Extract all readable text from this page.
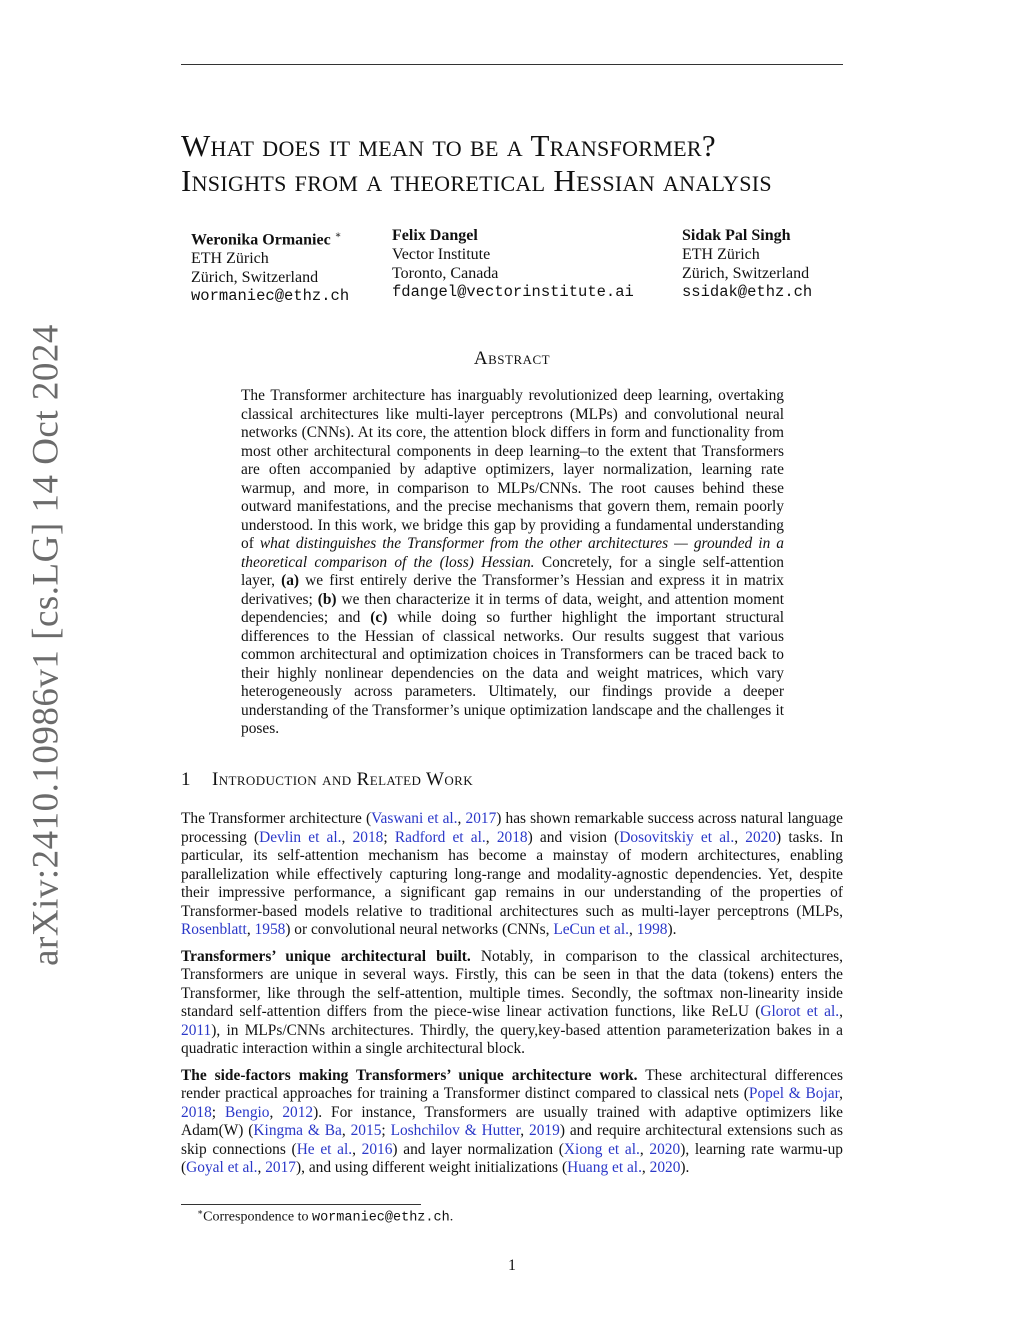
arXiv:2410.10986v1 [cs.LG] 14 Oct 2024
What does it mean to be a Transformer?
Insights from a theoretical Hessian analysis
Weronika Ormaniec ∗
ETH Zürich
Zürich, Switzerland
wormaniec@ethz.ch
Felix Dangel
Vector Institute
Toronto, Canada
fdangel@vectorinstitute.ai
Sidak Pal Singh
ETH Zürich
Zürich, Switzerland
ssidak@ethz.ch
Abstract
The Transformer architecture has inarguably revolutionized deep learning, overtaking classical architectures like multi-layer perceptrons (MLPs) and convolutional neural networks (CNNs). At its core, the attention block differs in form and functionality from most other architectural components in deep learning–to the extent that Transformers are often accompanied by adaptive optimizers, layer normalization, learning rate warmup, and more, in comparison to MLPs/CNNs. The root causes behind these outward manifestations, and the precise mechanisms that govern them, remain poorly understood. In this work, we bridge this gap by providing a fundamental understanding of what distinguishes the Transformer from the other architectures — grounded in a theoretical comparison of the (loss) Hessian. Concretely, for a single self-attention layer, (a) we first entirely derive the Transformer’s Hessian and express it in matrix derivatives; (b) we then characterize it in terms of data, weight, and attention moment dependencies; and (c) while doing so further highlight the important structural differences to the Hessian of classical networks. Our results suggest that various common architectural and optimization choices in Transformers can be traced back to their highly nonlinear dependencies on the data and weight matrices, which vary heterogeneously across parameters. Ultimately, our findings provide a deeper understanding of the Transformer’s unique optimization landscape and the challenges it poses.
1 Introduction and Related Work

The Transformer architecture (Vaswani et al., 2017) has shown remarkable success across natural language processing (Devlin et al., 2018; Radford et al., 2018) and vision (Dosovitskiy et al., 2020) tasks. In particular, its self-attention mechanism has become a mainstay of modern architectures, enabling parallelization while effectively capturing long-range and modality-agnostic dependencies. Yet, despite their impressive performance, a significant gap remains in our understanding of the properties of Transformer-based models relative to traditional architectures such as multi-layer perceptrons (MLPs, Rosenblatt, 1958) or convolutional neural networks (CNNs, LeCun et al., 1998).

Transformers’ unique architectural built. Notably, in comparison to the classical architectures, Transformers are unique in several ways. Firstly, this can be seen in that the data (tokens) enters the Transformer, like through the self-attention, multiple times. Secondly, the softmax non-linearity inside standard self-attention differs from the piece-wise linear activation functions, like ReLU (Glorot et al., 2011), in MLPs/CNNs architectures. Thirdly, the query,key-based attention parameterization bakes in a quadratic interaction within a single architectural block.

The side-factors making Transformers’ unique architecture work. These architectural differences render practical approaches for training a Transformer distinct compared to classical nets (Popel & Bojar, 2018; Bengio, 2012). For instance, Transformers are usually trained with adaptive optimizers like Adam(W) (Kingma & Ba, 2015; Loshchilov & Hutter, 2019) and require architectural extensions such as skip connections (He et al., 2016) and layer normalization (Xiong et al., 2020), learning rate warmu-up (Goyal et al., 2017), and using different weight initializations (Huang et al., 2020).

∗Correspondence to wormaniec@ethz.ch.
1
